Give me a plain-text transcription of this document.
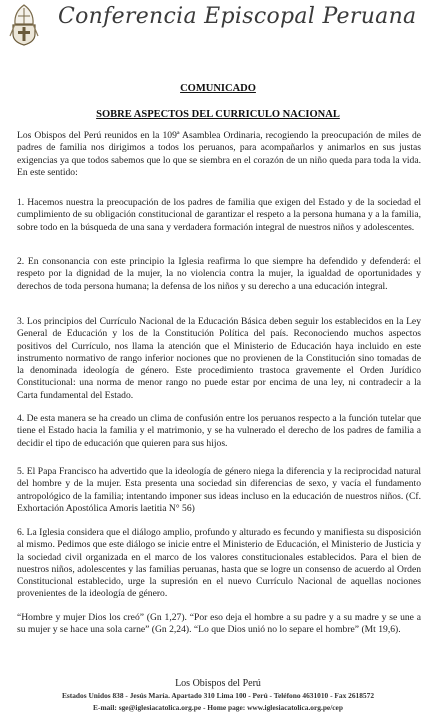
Conferencia Episcopal Peruana
COMUNICADO
SOBRE ASPECTOS DEL CURRICULO NACIONAL
Los Obispos del Perú reunidos en la 109ª Asamblea Ordinaria, recogiendo la preocupación de miles de padres de familia nos dirigimos a todos los peruanos, para acompañarlos y animarlos en sus justas exigencias ya que todos sabemos que lo que se siembra en el corazón de un niño queda para toda la vida. En este sentido:
1. Hacemos nuestra la preocupación de los padres de familia que exigen del Estado y de la sociedad el cumplimiento de su obligación constitucional de garantizar el respeto a la persona humana y a la familia, sobre todo en la búsqueda de una sana y verdadera formación integral de nuestros niños y adolescentes.
2. En consonancia con este principio la Iglesia reafirma lo que siempre ha defendido y defenderá: el respeto por la dignidad de la mujer, la no violencia contra la mujer, la igualdad de oportunidades y derechos de toda persona humana; la defensa de los niños y su derecho a una educación integral.
3. Los principios del Currículo Nacional de la Educación Básica deben seguir los establecidos en la Ley General de Educación y los de la Constitución Política del país. Reconociendo muchos aspectos positivos del Currículo, nos llama la atención que el Ministerio de Educación haya incluido en este instrumento normativo de rango inferior nociones que no provienen de la Constitución sino tomadas de la denominada ideología de género. Este procedimiento trastoca gravemente el Orden Jurídico Constitucional: una norma de menor rango no puede estar por encima de una ley, ni contradecir a la Carta fundamental del Estado.
4. De esta manera se ha creado un clima de confusión entre los peruanos respecto a la función tutelar que tiene el Estado hacia la familia y el matrimonio, y se ha vulnerado el derecho de los padres de familia a decidir el tipo de educación que quieren para sus hijos.
5. El Papa Francisco ha advertido que la ideología de género niega la diferencia y la reciprocidad natural del hombre y de la mujer. Esta presenta una sociedad sin diferencias de sexo, y vacía el fundamento antropológico de la familia; intentando imponer sus ideas incluso en la educación de nuestros niños. (Cf. Exhortación Apostólica Amoris laetitia N° 56)
6. La Iglesia considera que el diálogo amplio, profundo y alturado es fecundo y manifiesta su disposición al mismo. Pedimos que este diálogo se inicie entre el Ministerio de Educación, el Ministerio de Justicia y la sociedad civil organizada en el marco de los valores constitucionales establecidos. Para el bien de nuestros niños, adolescentes y las familias peruanas, hasta que se logre un consenso de acuerdo al Orden Constitucional establecido, urge la supresión en el nuevo Currículo Nacional de aquellas nociones provenientes de la ideología de género.
“Hombre y mujer Dios los creó” (Gn 1,27). “Por eso deja el hombre a su padre y a su madre y se une a su mujer y se hace una sola carne” (Gn 2,24). “Lo que Dios unió no lo separe el hombre” (Mt 19,6).
Los Obispos del Perú
Estados Unidos 838 - Jesús María. Apartado 310 Lima 100 - Perú - Teléfono 4631010 - Fax 2618572
E-mail: sge@iglesiacatolica.org.pe - Home page: www.iglesiacatolica.org.pe/cep
